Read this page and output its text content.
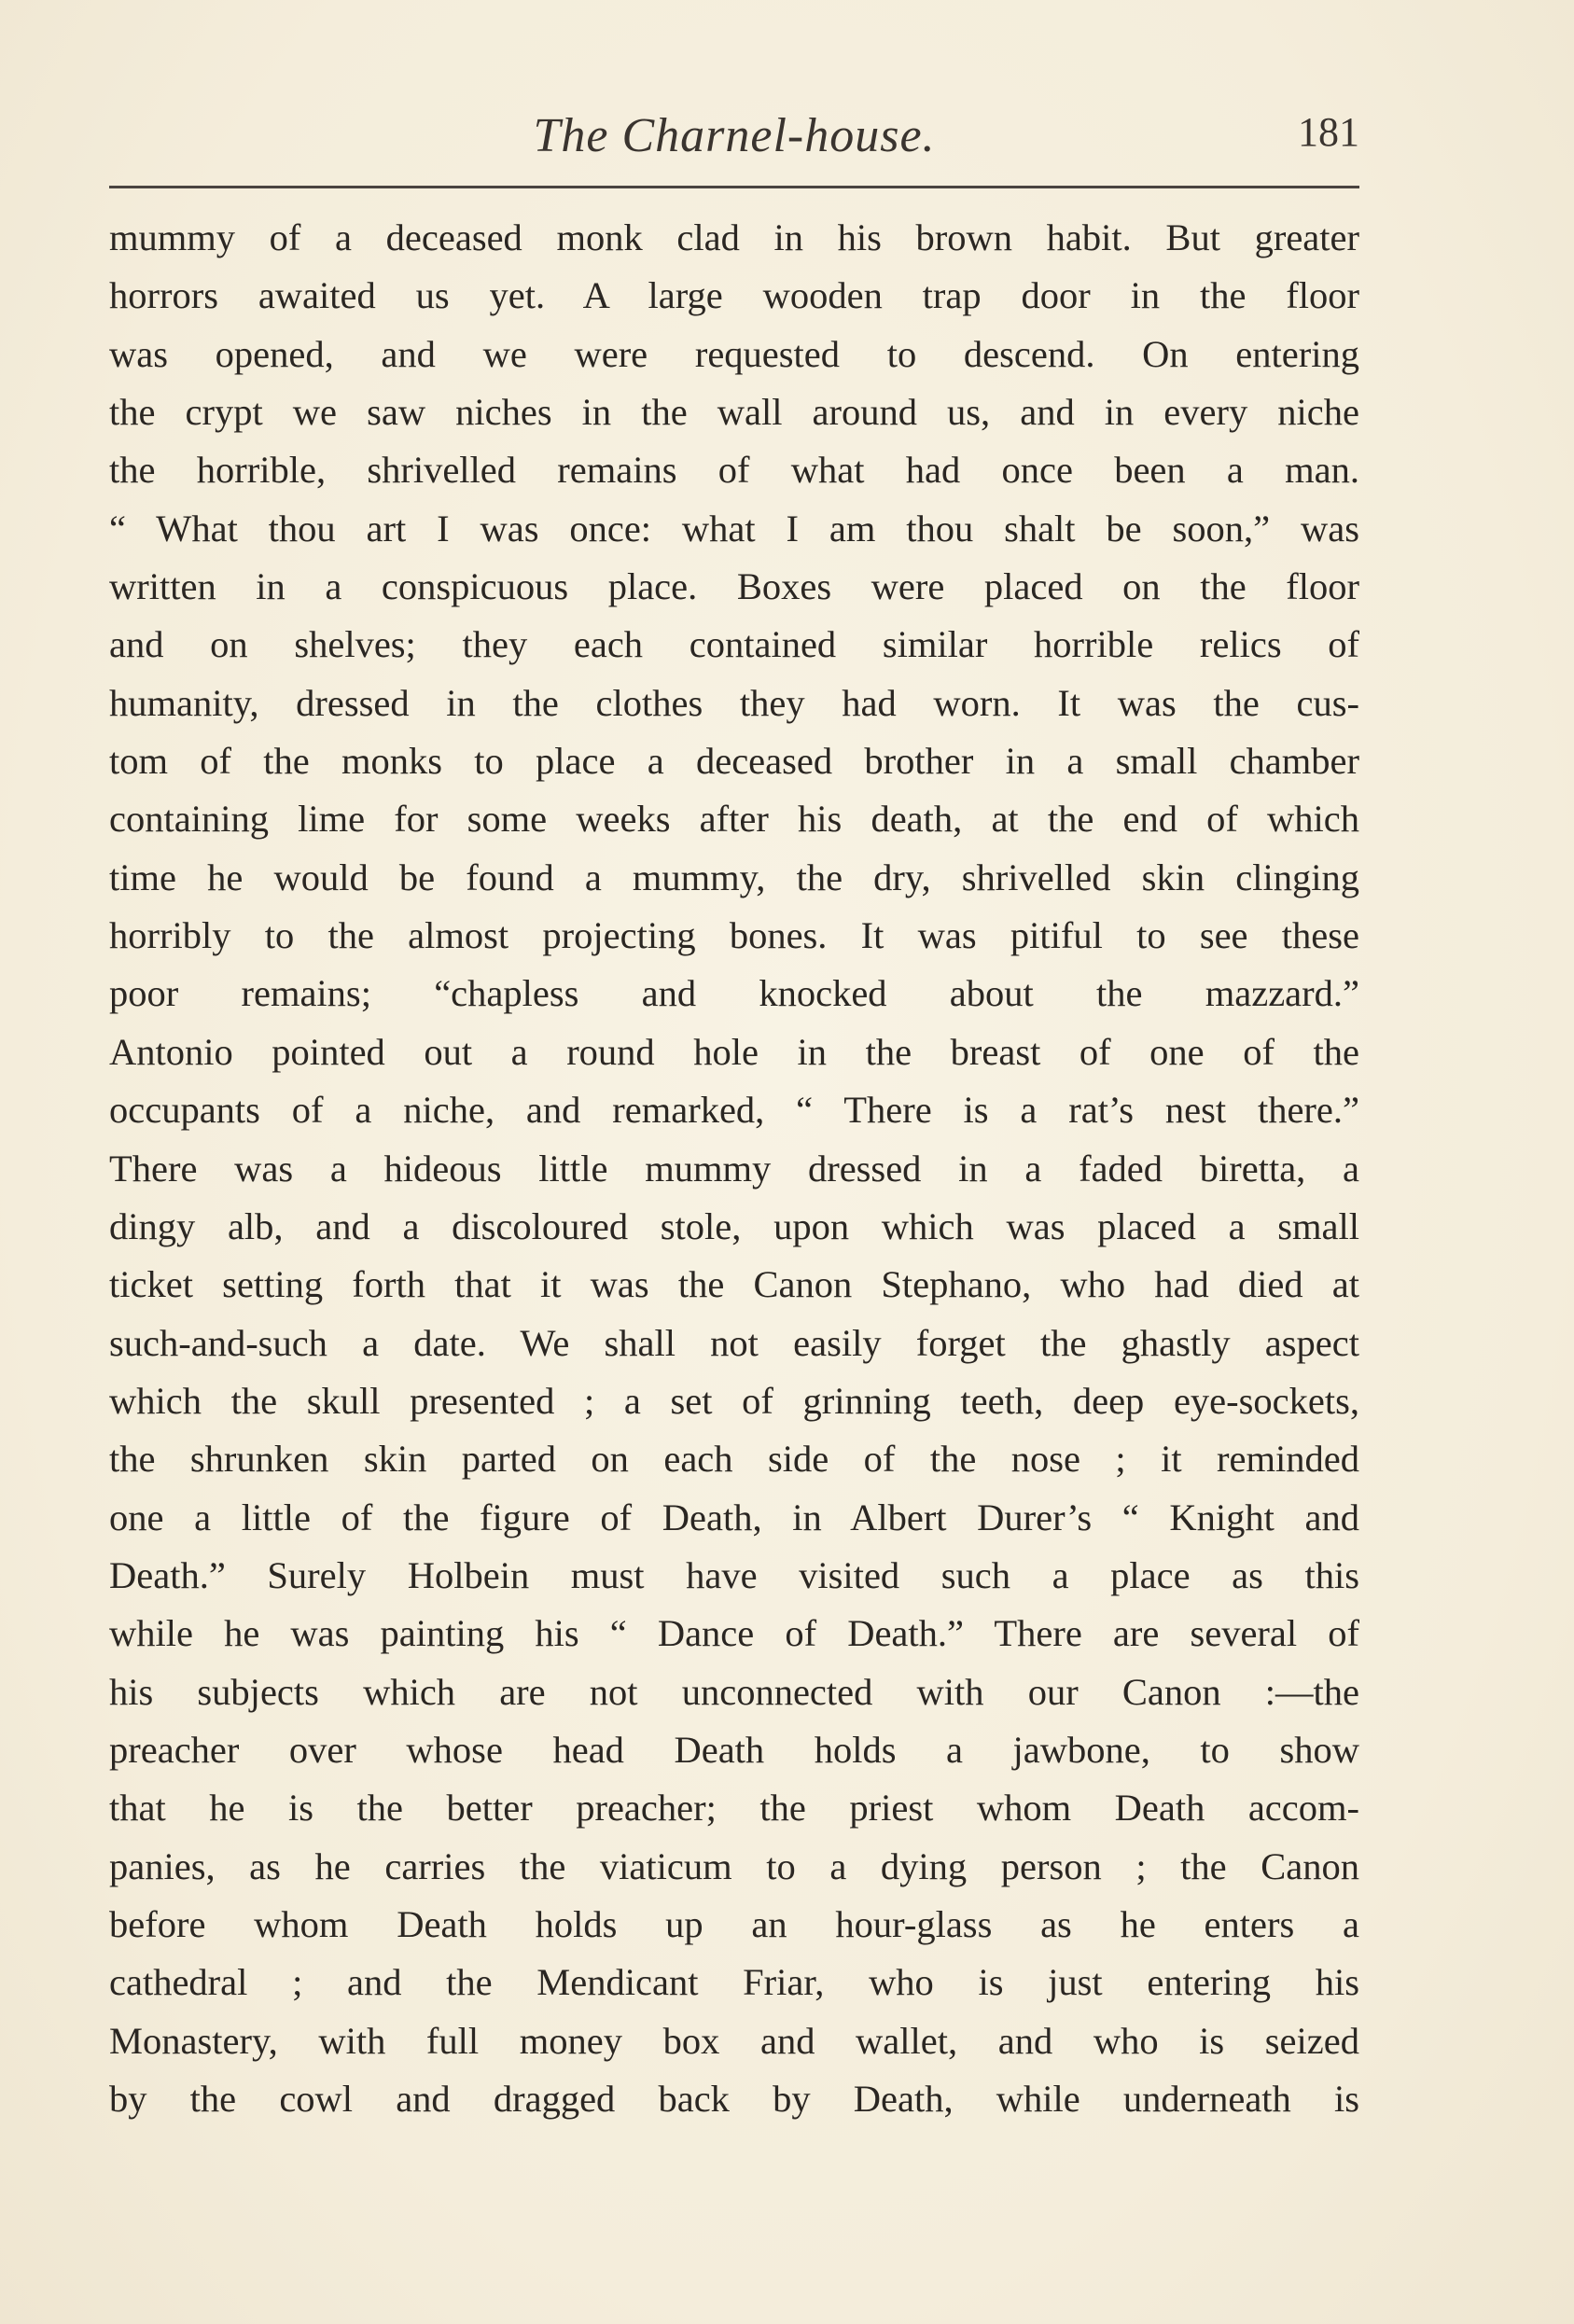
The Charnel-house.	181
mummy of a deceased monk clad in his brown habit. But greater
horrors awaited us yet. A large wooden trap door in the floor
was opened, and we were requested to descend. On entering
the crypt we saw niches in the wall around us, and in every niche
the horrible, shrivelled remains of what had once been a man.
“ What thou art I was once: what I am thou shalt be soon,” was
written in a conspicuous place. Boxes were placed on the floor
and on shelves; they each contained similar horrible relics of
humanity, dressed in the clothes they had worn. It was the cus-
tom of the monks to place a deceased brother in a small chamber
containing lime for some weeks after his death, at the end of which
time he would be found a mummy, the dry, shrivelled skin clinging
horribly to the almost projecting bones. It was pitiful to see these
poor remains; “chapless and knocked about the mazzard.”
Antonio pointed out a round hole in the breast of one of the
occupants of a niche, and remarked, “ There is a rat’s nest there.”
There was a hideous little mummy dressed in a faded biretta, a
dingy alb, and a discoloured stole, upon which was placed a small
ticket setting forth that it was the Canon Stephano, who had died at
such-and-such a date. We shall not easily forget the ghastly aspect
which the skull presented ; a set of grinning teeth, deep eye-sockets,
the shrunken skin parted on each side of the nose ; it reminded
one a little of the figure of Death, in Albert Durer’s “ Knight and
Death.” Surely Holbein must have visited such a place as this
while he was painting his “ Dance of Death.” There are several of
his subjects which are not unconnected with our Canon :—the
preacher over whose head Death holds a jawbone, to show
that he is the better preacher; the priest whom Death accom-
panies, as he carries the viaticum to a dying person ; the Canon
before whom Death holds up an hour-glass as he enters a
cathedral ; and the Mendicant Friar, who is just entering his
Monastery, with full money box and wallet, and who is seized
by the cowl and dragged back by Death, while underneath is
